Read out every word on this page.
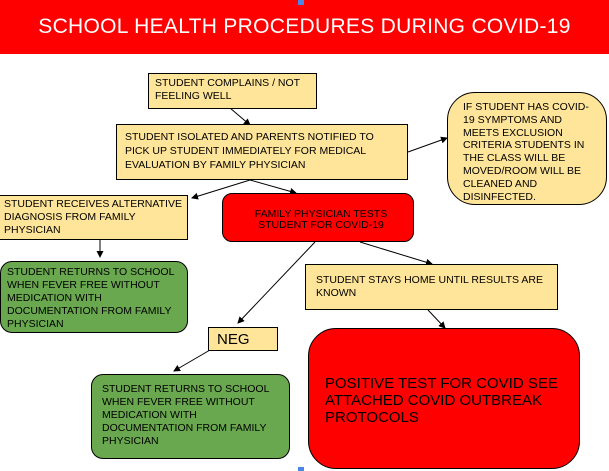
SCHOOL HEALTH PROCEDURES DURING COVID-19
STUDENT COMPLAINS / NOT FEELING WELL
STUDENT ISOLATED AND PARENTS NOTIFIED TO PICK UP STUDENT IMMEDIATELY FOR MEDICAL EVALUATION BY FAMILY PHYSICIAN
IF STUDENT HAS COVID-19 SYMPTOMS AND MEETS EXCLUSION CRITERIA STUDENTS IN THE CLASS WILL BE MOVED/ROOM WILL BE CLEANED AND DISINFECTED.
STUDENT RECEIVES ALTERNATIVE DIAGNOSIS FROM FAMILY PHYSICIAN
FAMILY PHYSICIAN TESTS STUDENT FOR COVID-19
STUDENT RETURNS TO SCHOOL WHEN FEVER FREE WITHOUT MEDICATION WITH DOCUMENTATION FROM FAMILY PHYSICIAN
STUDENT STAYS HOME UNTIL RESULTS ARE KNOWN
NEG
POSITIVE TEST FOR COVID SEE ATTACHED COVID OUTBREAK PROTOCOLS
STUDENT RETURNS TO SCHOOL WHEN FEVER FREE WITHOUT MEDICATION WITH DOCUMENTATION FROM FAMILY PHYSICIAN
